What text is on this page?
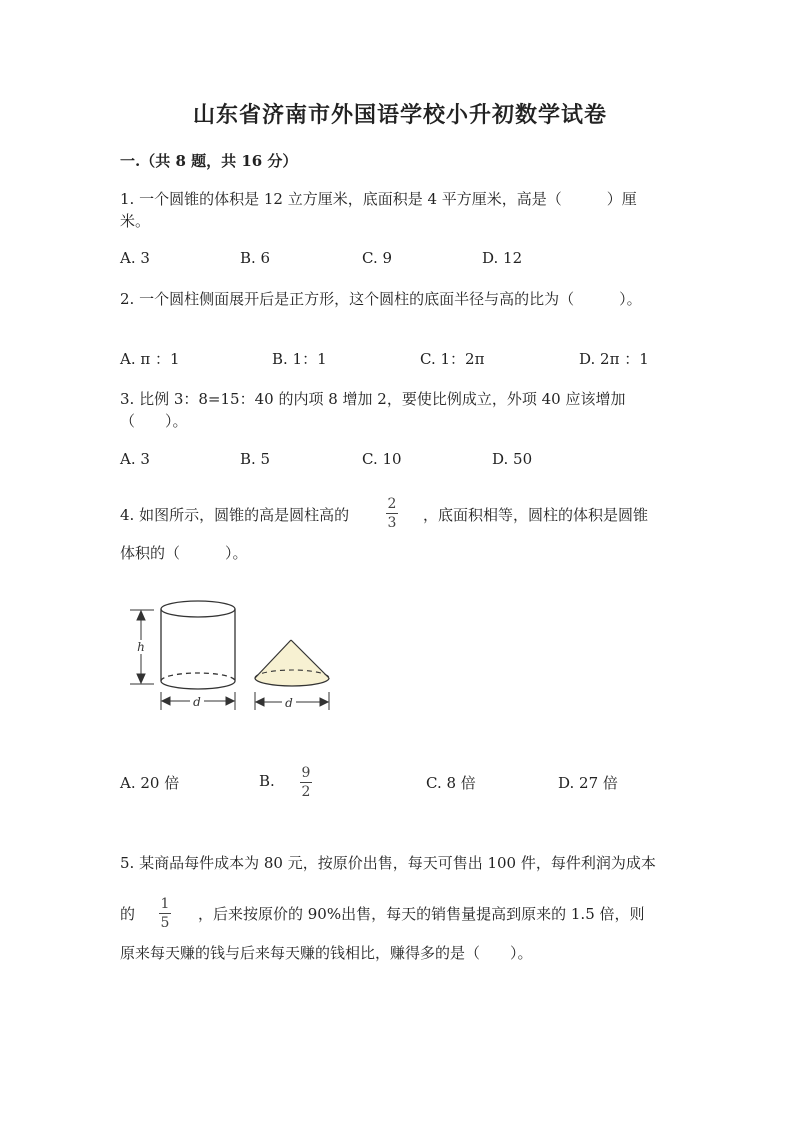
山东省济南市外国语学校小升初数学试卷
一.（共 8 题，共 16 分）
1. 一个圆锥的体积是 12 立方厘米，底面积是 4 平方厘米，高是（　　　）厘
米。
A. 3	B. 6	C. 9	D. 12
2. 一个圆柱侧面展开后是正方形，这个圆柱的底面半径与高的比为（　　　）。
A. π ：1	B. 1：1	C. 1：2π	D. 2π ：1
3. 比例 3：8=15：40 的内项 8 增加 2，要使比例成立，外项 40 应该增加
（　　）。
A. 3	B. 5	C. 10	D. 50
4. 如图所示，圆锥的高是圆柱高的
2
3 ，底面积相等，圆柱的体积是圆锥
体积的（　　　）。
h
d	d
A. 20 倍	B. 9
2	C. 8 倍	D. 27 倍
5. 某商品每件成本为 80 元，按原价出售，每天可售出 100 件，每件利润为成本
的
1
5 ，后来按原价的 90%出售，每天的销售量提高到原来的 1.5 倍，则
原来每天赚的钱与后来每天赚的钱相比，赚得多的是（　　）。
